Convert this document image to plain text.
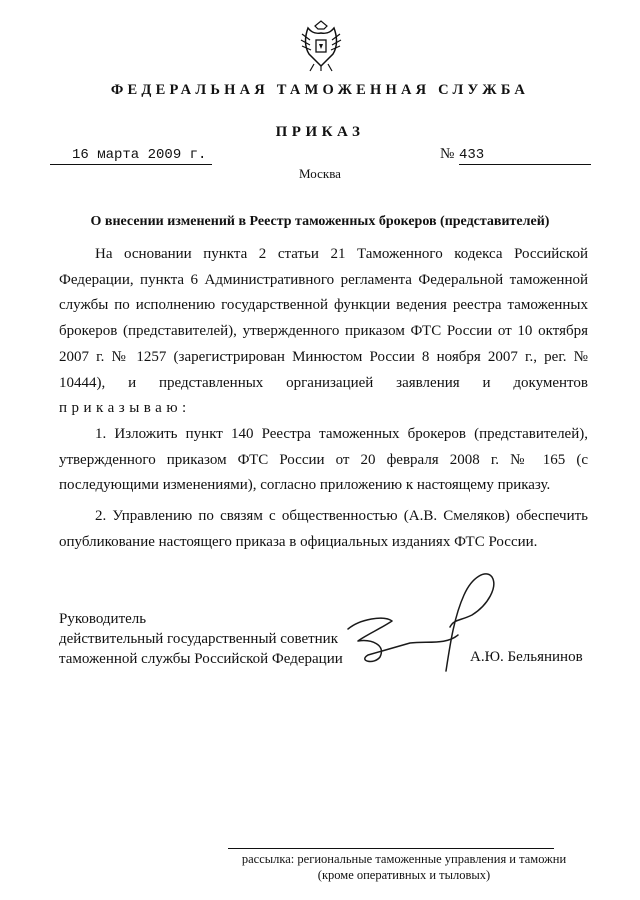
ФЕДЕРАЛЬНАЯ ТАМОЖЕННАЯ СЛУЖБА
ПРИКАЗ
16 марта 2009 г.	№ 433
Москва
О внесении изменений в Реестр таможенных брокеров (представителей)

На основании пункта 2 статьи 21 Таможенного кодекса Российской Федерации, пункта 6 Административного регламента Федеральной таможенной службы по исполнению государственной функции ведения реестра таможенных брокеров (представителей), утвержденного приказом ФТС России от 10 октября 2007 г. № 1257 (зарегистрирован Минюстом России 8 ноября 2007 г., рег. № 10444), и представленных организацией заявления и документов приказываю:

1. Изложить пункт 140 Реестра таможенных брокеров (представителей), утвержденного приказом ФТС России от 20 февраля 2008 г. № 165 (с последующими изменениями), согласно приложению к настоящему приказу.

2. Управлению по связям с общественностью (А.В. Смеляков) обеспечить опубликование настоящего приказа в официальных изданиях ФТС России.

Руководитель
действительный государственный советник
таможенной службы Российской Федерации	А.Ю. Бельянинов
рассылка: региональные таможенные управления и таможни
(кроме оперативных и тыловых)
